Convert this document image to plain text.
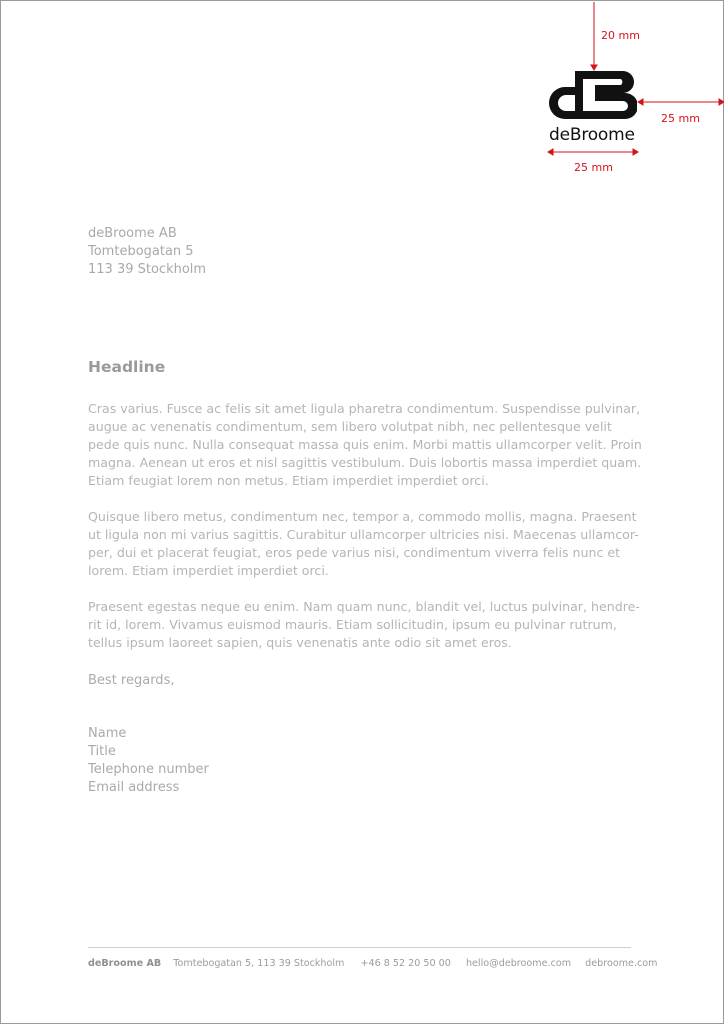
20 mm
25 mm
25 mm
deBroome
deBroome AB
Tomtebogatan 5
113 39 Stockholm
Headline
Cras varius. Fusce ac felis sit amet ligula pharetra condimentum. Suspendisse pulvinar,
augue ac venenatis condimentum, sem libero volutpat nibh, nec pellentesque velit
pede quis nunc. Nulla consequat massa quis enim. Morbi mattis ullamcorper velit. Proin
magna. Aenean ut eros et nisl sagittis vestibulum. Duis lobortis massa imperdiet quam.
Etiam feugiat lorem non metus. Etiam imperdiet imperdiet orci.
Quisque libero metus, condimentum nec, tempor a, commodo mollis, magna. Praesent
ut ligula non mi varius sagittis. Curabitur ullamcorper ultricies nisi. Maecenas ullamcor-
per, dui et placerat feugiat, eros pede varius nisi, condimentum viverra felis nunc et
lorem. Etiam imperdiet imperdiet orci.
Praesent egestas neque eu enim. Nam quam nunc, blandit vel, luctus pulvinar, hendre-
rit id, lorem. Vivamus euismod mauris. Etiam sollicitudin, ipsum eu pulvinar rutrum,
tellus ipsum laoreet sapien, quis venenatis ante odio sit amet eros.
Best regards,
Name
Title
Telephone number
Email address
deBroome AB Tomtebogatan 5, 113 39 Stockholm +46 8 52 20 50 00 hello@debroome.com debroome.com
